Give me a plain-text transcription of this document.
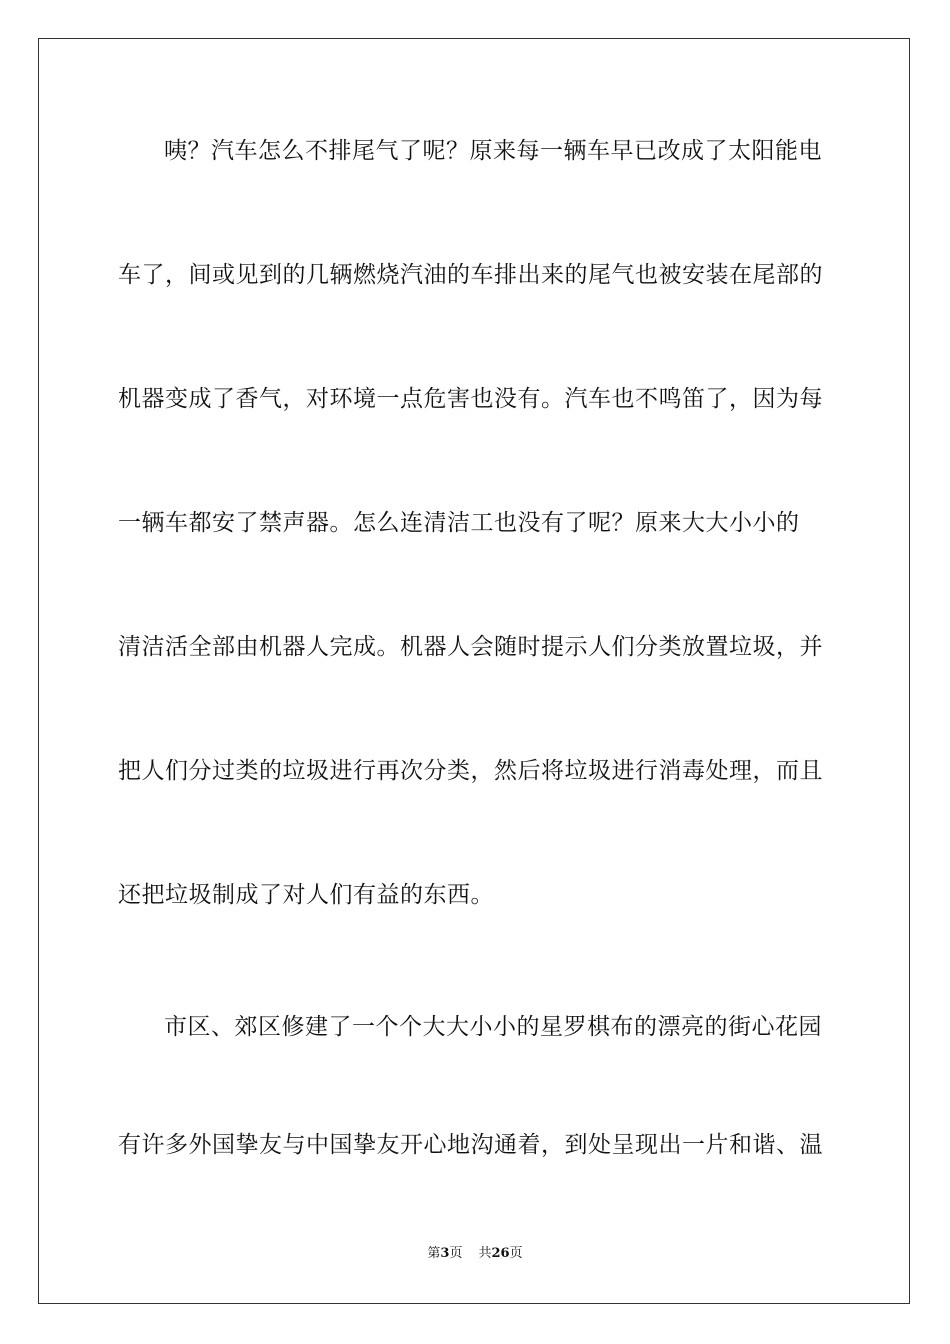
咦？汽车怎么不排尾气了呢？原来每一辆车早已改成了太阳能电
车了，间或见到的几辆燃烧汽油的车排出来的尾气也被安装在尾部的
机器变成了香气，对环境一点危害也没有。汽车也不鸣笛了，因为每
一辆车都安了禁声器。怎么连清洁工也没有了呢？原来大大小小的
清洁活全部由机器人完成。机器人会随时提示人们分类放置垃圾，并
把人们分过类的垃圾进行再次分类，然后将垃圾进行消毒处理，而且
还把垃圾制成了对人们有益的东西。
市区、郊区修建了一个个大大小小的星罗棋布的漂亮的街心花园
有许多外国挚友与中国挚友开心地沟通着，到处呈现出一片和谐、温
第3页 共26页
